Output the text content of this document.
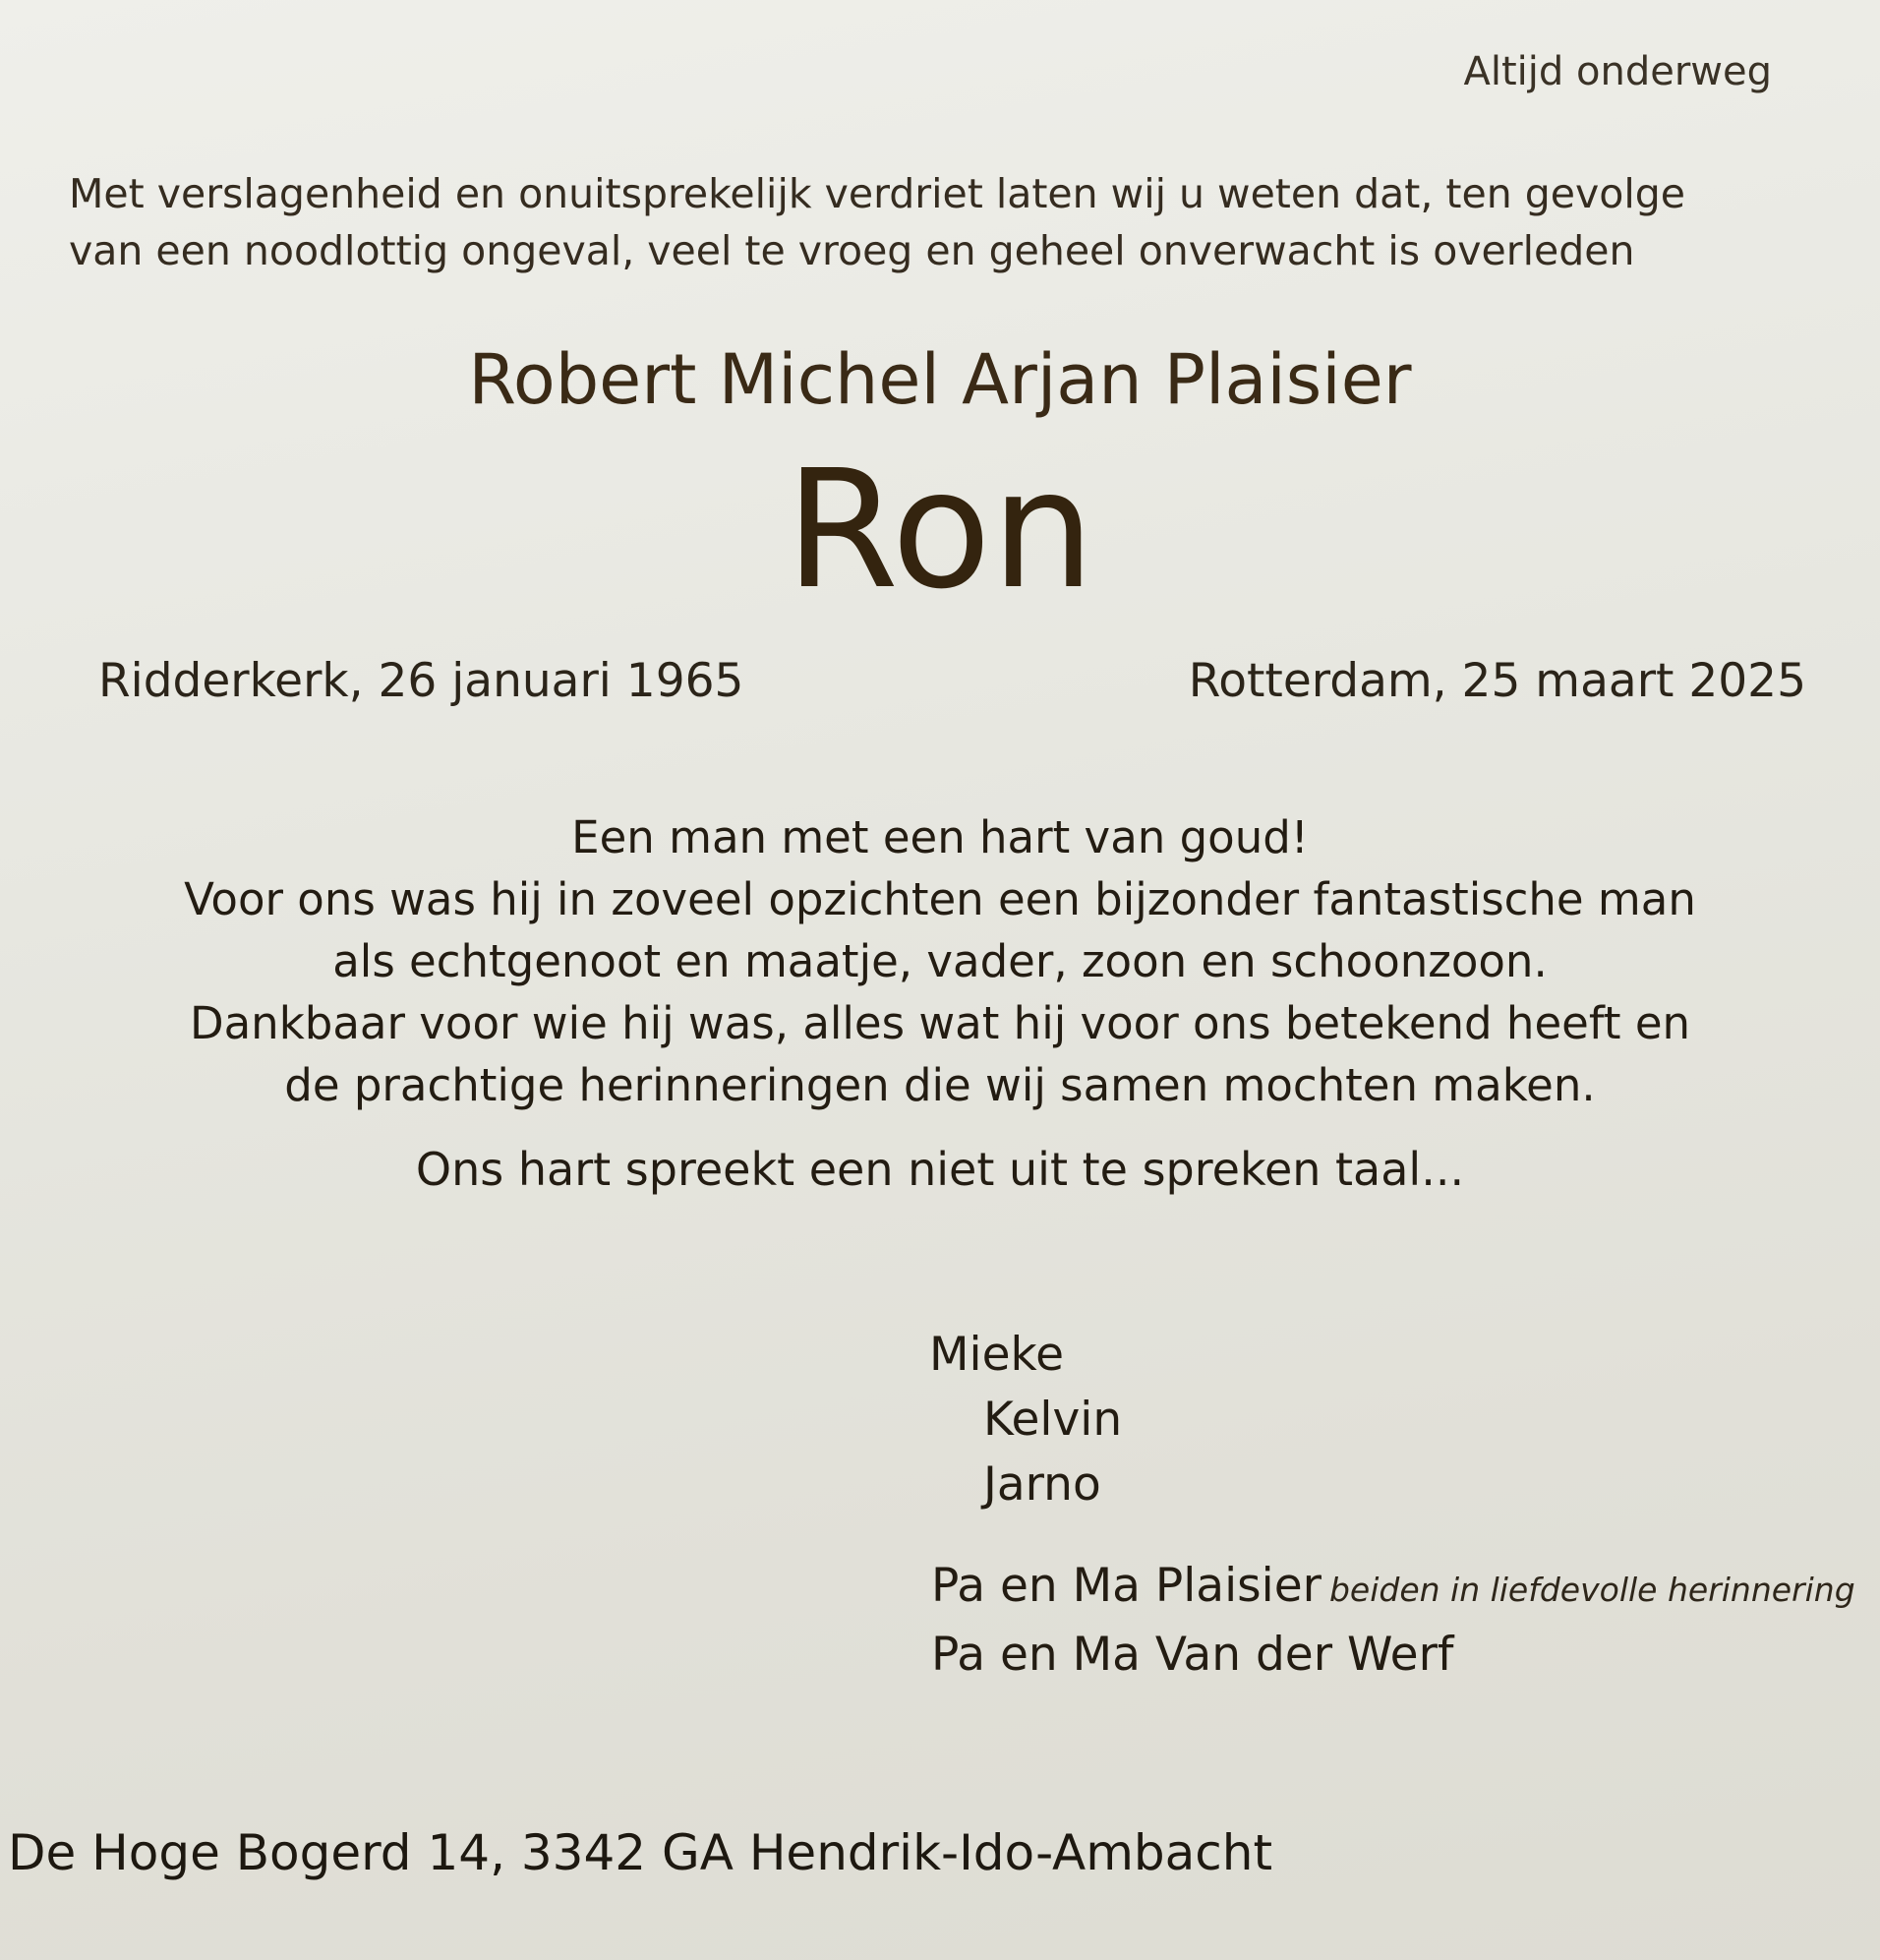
Altijd onderweg
Met verslagenheid en onuitsprekelijk verdriet laten wij u weten dat, ten gevolge
van een noodlottig ongeval, veel te vroeg en geheel onverwacht is overleden
Robert Michel Arjan Plaisier
Ron
Ridderkerk, 26 januari 1965	Rotterdam, 25 maart 2025
Een man met een hart van goud!
Voor ons was hij in zoveel opzichten een bijzonder fantastische man
als echtgenoot en maatje, vader, zoon en schoonzoon.
Dankbaar voor wie hij was, alles wat hij voor ons betekend heeft en
de prachtige herinneringen die wij samen mochten maken.
Ons hart spreekt een niet uit te spreken taal...
Mieke
Kelvin
Jarno
Pa en Ma Plaisier beiden in liefdevolle herinnering
Pa en Ma Van der Werf
De Hoge Bogerd 14, 3342 GA Hendrik-Ido-Ambacht
